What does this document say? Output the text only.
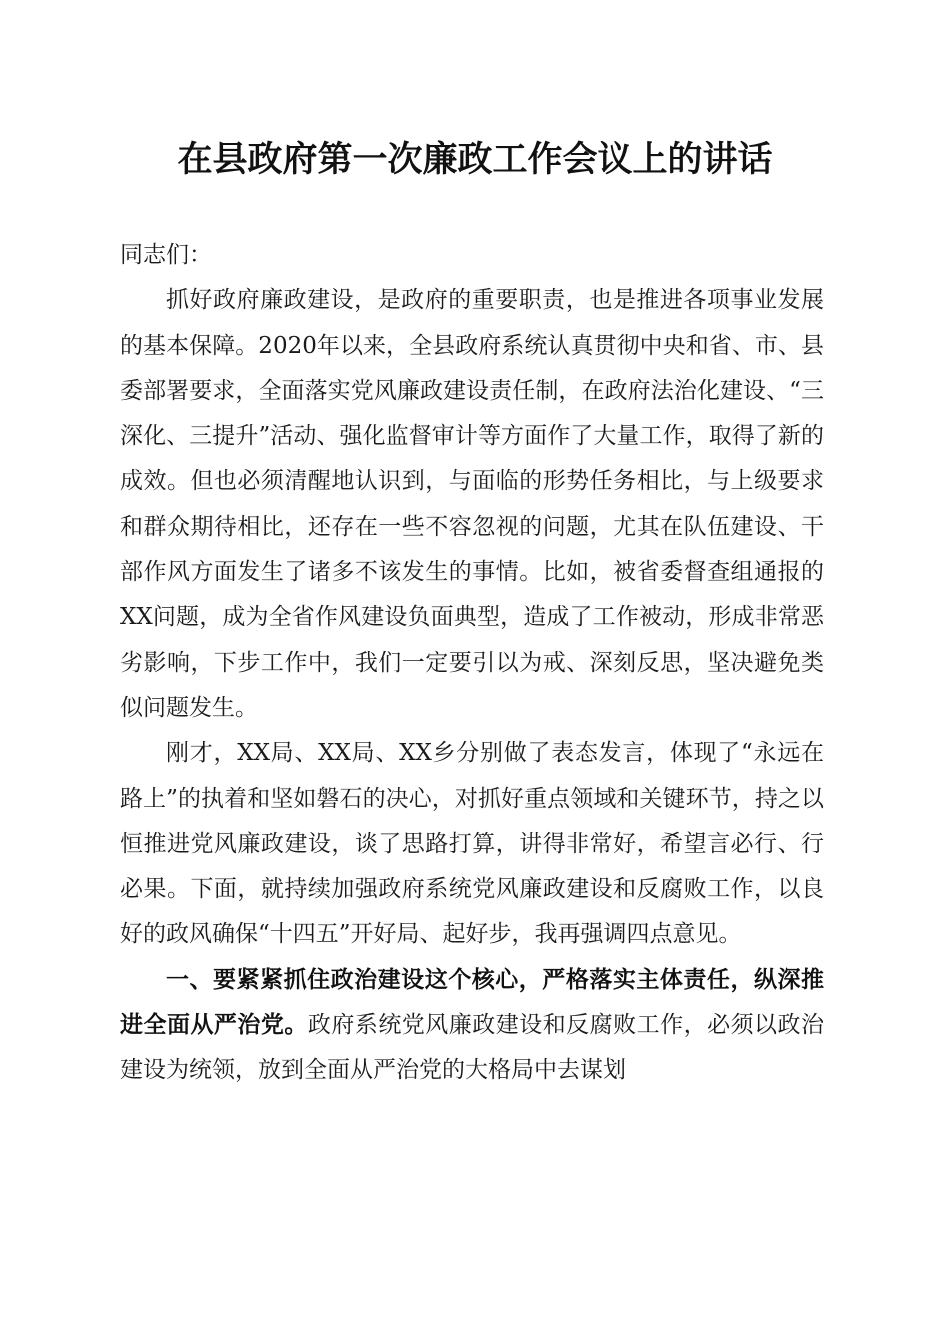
在县政府第一次廉政工作会议上的讲话

同志们：

抓好政府廉政建设，是政府的重要职责，也是推进各项事业发展的基本保障。2020年以来，全县政府系统认真贯彻中央和省、市、县委部署要求，全面落实党风廉政建设责任制，在政府法治化建设、“三深化、三提升”活动、强化监督审计等方面作了大量工作，取得了新的成效。但也必须清醒地认识到，与面临的形势任务相比，与上级要求和群众期待相比，还存在一些不容忽视的问题，尤其在队伍建设、干部作风方面发生了诸多不该发生的事情。比如，被省委督查组通报的XX问题，成为全省作风建设负面典型，造成了工作被动，形成非常恶劣影响，下步工作中，我们一定要引以为戒、深刻反思，坚决避免类似问题发生。

刚才，XX局、XX局、XX乡分别做了表态发言，体现了“永远在路上”的执着和坚如磐石的决心，对抓好重点领域和关键环节，持之以恒推进党风廉政建设，谈了思路打算，讲得非常好，希望言必行、行必果。下面，就持续加强政府系统党风廉政建设和反腐败工作，以良好的政风确保“十四五”开好局、起好步，我再强调四点意见。

一、要紧紧抓住政治建设这个核心，严格落实主体责任，纵深推进全面从严治党。政府系统党风廉政建设和反腐败工作，必须以政治建设为统领，放到全面从严治党的大格局中去谋划
